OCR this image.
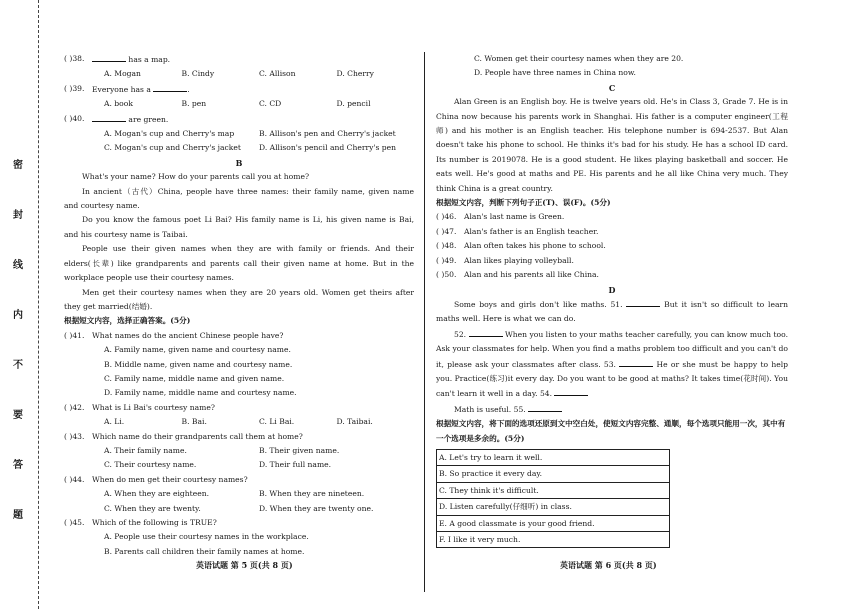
密
封
线
内
不
要
答
题
( )38.	has a map.
A. Mogan	B. Cindy	C. Allison	D. Cherry
( )39. Everyone has a	.
A. book	B. pen	C. CD	D. pencil
( )40.	are green.
A. Mogan's cup and Cherry's map	B. Allison's pen and Cherry's jacket
C. Mogan's cup and Cherry's jacket	D. Allison's pencil and Cherry's pen
B

What's your name? How do your parents call you at home?

In ancient（古代）China, people have three names: their family name, given name and courtesy name.

Do you know the famous poet Li Bai? His family name is Li, his given name is Bai, and his courtesy name is Taibai.

People use their given names when they are with family or friends. And their elders(长辈) like grandparents and parents call their given name at home. But in the workplace people use their courtesy names.

Men get their courtesy names when they are 20 years old. Women get theirs after they get married(结婚).

根据短文内容，选择正确答案。(5分)
( )41. What names do the ancient Chinese people have?
A. Family name, given name and courtesy name.
B. Middle name, given name and courtesy name.
C. Family name, middle name and given name.
D. Family name, middle name and courtesy name.
( )42. What is Li Bai's courtesy name?
A. Li.	B. Bai.	C. Li Bai.	D. Taibai.
( )43. Which name do their grandparents call them at home?
A. Their family name.	B. Their given name.
C. Their courtesy name.	D. Their full name.
( )44. When do men get their courtesy names?
A. When they are eighteen.	B. When they are nineteen.
C. When they are twenty.	D. When they are twenty one.
( )45. Which of the following is TRUE?
A. People use their courtesy names in the workplace.
B. Parents call children their family names at home.
英语试题 第 5 页(共 8 页)
C. Women get their courtesy names when they are 20.
D. People have three names in China now.
C

Alan Green is an English boy. He is twelve years old. He's in Class 3, Grade 7. He is in China now because his parents work in Shanghai. His father is a computer engineer(工程师) and his mother is an English teacher. His telephone number is 694-2537. But Alan doesn't take his phone to school. He thinks it's bad for his study. He has a school ID card. Its number is 2019078. He is a good student. He likes playing basketball and soccer. He eats well. He's good at maths and PE. His parents and he all like China very much. They think China is a great country.

根据短文内容，判断下列句子正(T)、误(F)。(5分)
( )46. Alan's last name is Green.
( )47. Alan's father is an English teacher.
( )48. Alan often takes his phone to school.
( )49. Alan likes playing volleyball.
( )50. Alan and his parents all like China.
D

Some boys and girls don't like maths. 51.	But it isn't so difficult to learn maths well. Here is what we can do.

52.	When you listen to your maths teacher carefully, you can know much too. Ask your classmates for help. When you find a maths problem too difficult and you can't do it, please ask your classmates after class. 53.	He or she must be happy to help you. Practice(练习)it every day. Do you want to be good at maths? It takes time(花时间). You can't learn it well in a day. 54.

Math is useful. 55.

根据短文内容，将下面的选项还原到文中空白处，使短文内容完整、通顺，每个选项只能用一次，其中有一个选项是多余的。(5分)
A. Let's try to learn it well.
B. So practice it every day.
C. They think it's difficult.
D. Listen carefully(仔细听) in class.
E. A good classmate is your good friend.
F. I like it very much.
英语试题 第 6 页(共 8 页)
